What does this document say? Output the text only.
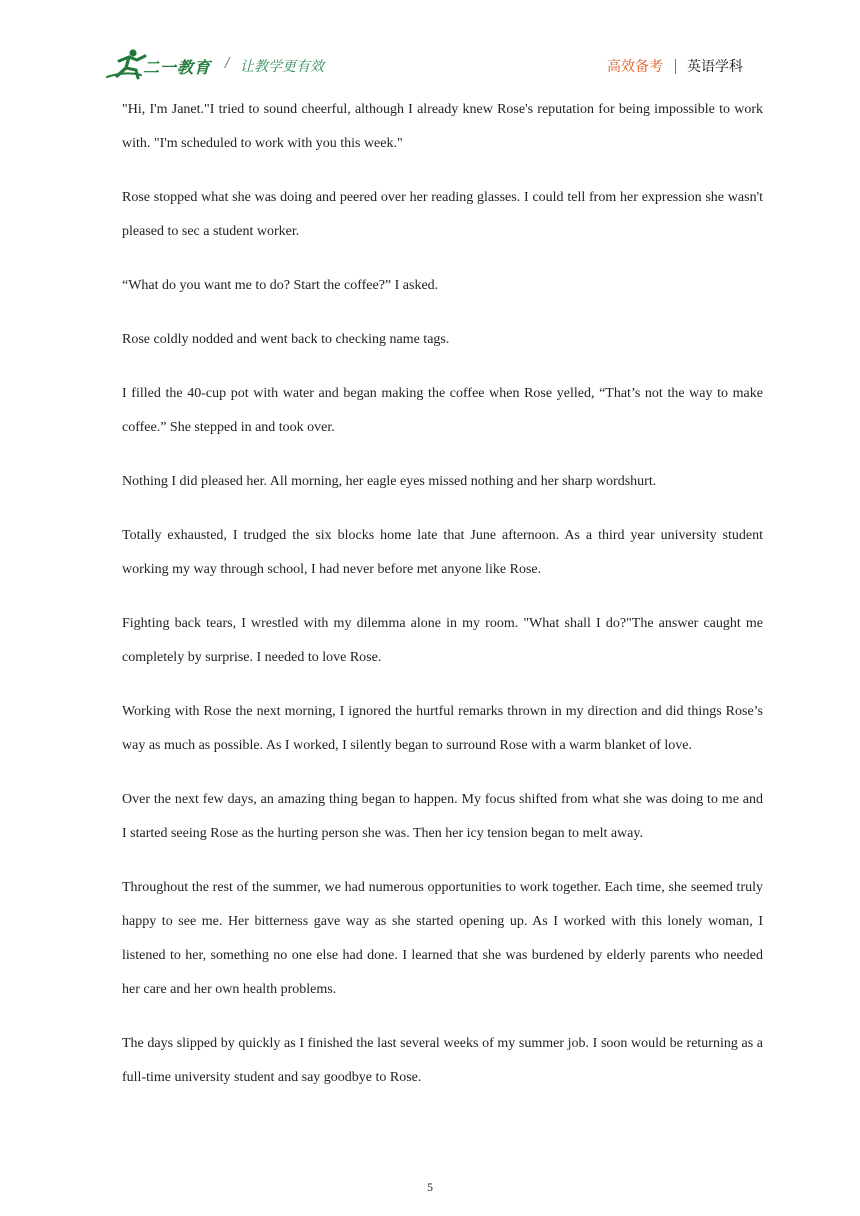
二一教育 / 让教学更有效	高效备考 英语学科

"Hi, I'm Janet."I tried to sound cheerful, although I already knew Rose's reputation for being impossible to work with. "I'm scheduled to work with you this week."

Rose stopped what she was doing and peered over her reading glasses. I could tell from her expression she wasn't pleased to sec a student worker.

“What do you want me to do? Start the coffee?” I asked.

Rose coldly nodded and went back to checking name tags.

I filled the 40-cup pot with water and began making the coffee when Rose yelled, “That’s not the way to make coffee.” She stepped in and took over.

Nothing I did pleased her. All morning, her eagle eyes missed nothing and her sharp wordshurt.

Totally exhausted, I trudged the six blocks home late that June afternoon. As a third year university student working my way through school, I had never before met anyone like Rose.

Fighting back tears, I wrestled with my dilemma alone in my room. "What shall I do?"The answer caught me completely by surprise. I needed to love Rose.

Working with Rose the next morning, I ignored the hurtful remarks thrown in my direction and did things Rose’s way as much as possible. As I worked, I silently began to surround Rose with a warm blanket of love.

Over the next few days, an amazing thing began to happen. My focus shifted from what she was doing to me and I started seeing Rose as the hurting person she was. Then her icy tension began to melt away.

Throughout the rest of the summer, we had numerous opportunities to work together. Each time, she seemed truly happy to see me. Her bitterness gave way as she started opening up. As I worked with this lonely woman, I listened to her, something no one else had done. I learned that she was burdened by elderly parents who needed her care and her own health problems.

The days slipped by quickly as I finished the last several weeks of my summer job. I soon would be returning as a full-time university student and say goodbye to Rose.

5
